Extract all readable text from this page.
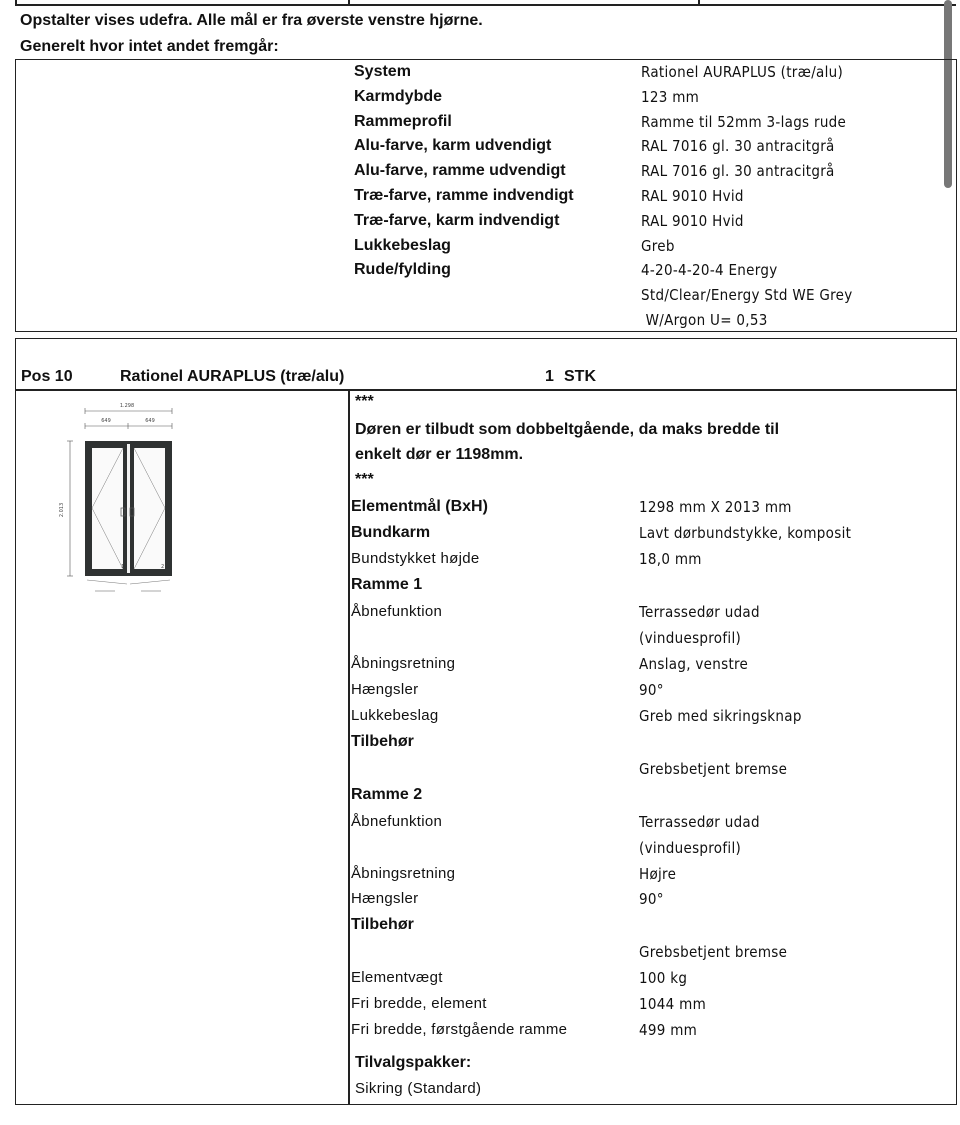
Opstalter vises udefra. Alle mål er fra øverste venstre hjørne.
Generelt hvor intet andet fremgår:
System	Rationel AURAPLUS (træ/alu)
Karmdybde	123 mm
Rammeprofil	Ramme til 52mm 3-lags rude
Alu-farve, karm udvendigt	RAL 7016 gl. 30 antracitgrå
Alu-farve, ramme udvendigt	RAL 7016 gl. 30 antracitgrå
Træ-farve, ramme indvendigt	RAL 9010 Hvid
Træ-farve, karm indvendigt	RAL 9010 Hvid
Lukkebeslag	Greb
Rude/fylding	4-20-4-20-4 Energy
Std/Clear/Energy Std WE Grey
W/Argon U= 0,53
Pos 10	Rationel AURAPLUS (træ/alu)	1 STK
1.298
649	649
2.013
1	2
***
Døren er tilbudt som dobbeltgående, da maks bredde til
enkelt dør er 1198mm.
***
Elementmål (BxH)	1298 mm X 2013 mm
Bundkarm	Lavt dørbundstykke, komposit
Bundstykket højde	18,0 mm
Ramme 1
Åbnefunktion	Terrassedør udad
(vinduesprofil)
Åbningsretning	Anslag, venstre
Hængsler	90°
Lukkebeslag	Greb med sikringsknap
Tilbehør
Grebsbetjent bremse
Ramme 2
Åbnefunktion	Terrassedør udad
(vinduesprofil)
Åbningsretning	Højre
Hængsler	90°
Tilbehør
Grebsbetjent bremse
Elementvægt	100 kg
Fri bredde, element	1044 mm
Fri bredde, førstgående ramme	499 mm
Tilvalgspakker:
Sikring (Standard)
